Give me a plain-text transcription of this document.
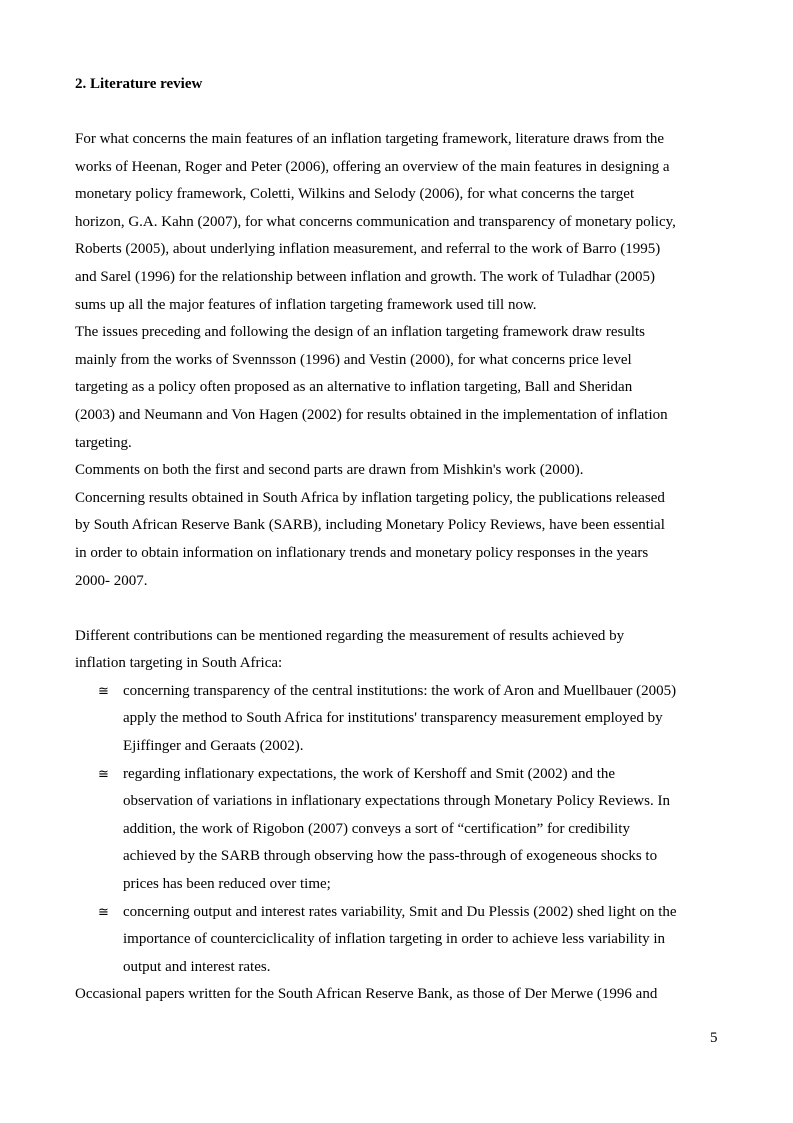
2. Literature review

For what concerns the main features of an inflation targeting framework, literature draws from the
works of Heenan, Roger and Peter (2006), offering an overview of the main features in designing a
monetary policy framework, Coletti, Wilkins and Selody (2006), for what concerns the target
horizon, G.A. Kahn (2007), for what concerns communication and transparency of monetary policy,
Roberts (2005), about underlying inflation measurement, and referral to the work of Barro (1995)
and Sarel (1996) for the relationship between inflation and growth. The work of Tuladhar (2005)
sums up all the major features of inflation targeting framework used till now.

The issues preceding and following the design of an inflation targeting framework draw results
mainly from the works of Svennsson (1996) and Vestin (2000), for what concerns price level
targeting as a policy often proposed as an alternative to inflation targeting, Ball and Sheridan
(2003) and Neumann and Von Hagen (2002) for results obtained in the implementation of inflation
targeting.

Comments on both the first and second parts are drawn from Mishkin's work (2000).

Concerning results obtained in South Africa by inflation targeting policy, the publications released
by South African Reserve Bank (SARB), including Monetary Policy Reviews, have been essential
in order to obtain information on inflationary trends and monetary policy responses in the years
2000- 2007.

Different contributions can be mentioned regarding the measurement of results achieved by
inflation targeting in South Africa:

≅ concerning transparency of the central institutions: the work of Aron and Muellbauer (2005)
apply the method to South Africa for institutions' transparency measurement employed by
Ejiffinger and Geraats (2002).
≅ regarding inflationary expectations, the work of Kershoff and Smit (2002) and the
observation of variations in inflationary expectations through Monetary Policy Reviews. In
addition, the work of Rigobon (2007) conveys a sort of “certification” for credibility
achieved by the SARB through observing how the pass-through of exogeneous shocks to
prices has been reduced over time;
≅ concerning output and interest rates variability, Smit and Du Plessis (2002) shed light on the
importance of counterciclicality of inflation targeting in order to achieve less variability in
output and interest rates.

Occasional papers written for the South African Reserve Bank, as those of Der Merwe (1996 and

5
